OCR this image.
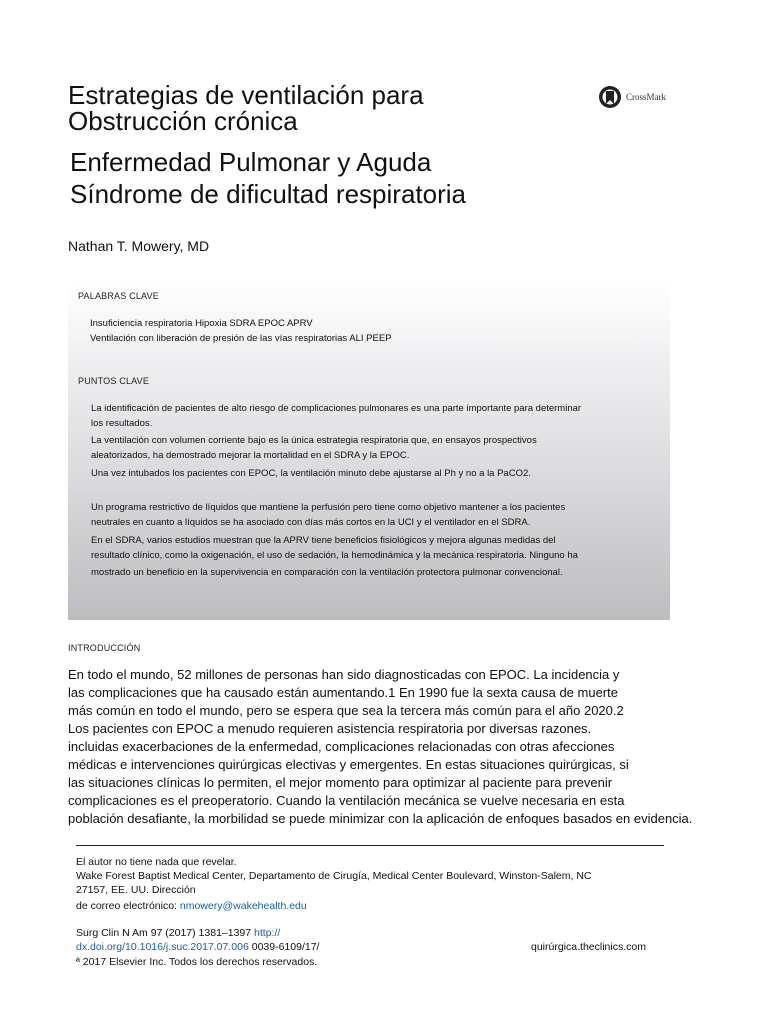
Estrategias de ventilación para
Obstrucción crónica
CrossMark
Enfermedad Pulmonar y Aguda
Síndrome de dificultad respiratoria
Nathan T. Mowery, MD
PALABRAS CLAVE
Insuficiencia respiratoria Hipoxia SDRA EPOC APRV
Ventilación con liberación de presión de las vías respiratorias ALI PEEP
PUNTOS CLAVE
La identificación de pacientes de alto riesgo de complicaciones pulmonares es una parte importante para determinar
los resultados.
La ventilación con volumen corriente bajo es la única estrategia respiratoria que, en ensayos prospectivos
aleatorizados, ha demostrado mejorar la mortalidad en el SDRA y la EPOC.
Una vez intubados los pacientes con EPOC, la ventilación minuto debe ajustarse al Ph y no a la PaCO2.
Un programa restrictivo de líquidos que mantiene la perfusión pero tiene como objetivo mantener a los pacientes
neutrales en cuanto a líquidos se ha asociado con días más cortos en la UCI y el ventilador en el SDRA.
En el SDRA, varios estudios muestran que la APRV tiene beneficios fisiológicos y mejora algunas medidas del
resultado clínico, como la oxigenación, el uso de sedación, la hemodinámica y la mecánica respiratoria. Ninguno ha
mostrado un beneficio en la supervivencia en comparación con la ventilación protectora pulmonar convencional.
INTRODUCCIÓN
En todo el mundo, 52 millones de personas han sido diagnosticadas con EPOC. La incidencia y
las complicaciones que ha causado están aumentando.1 En 1990 fue la sexta causa de muerte
más común en todo el mundo, pero se espera que sea la tercera más común para el año 2020.2
Los pacientes con EPOC a menudo requieren asistencia respiratoria por diversas razones.
incluidas exacerbaciones de la enfermedad, complicaciones relacionadas con otras afecciones
médicas e intervenciones quirúrgicas electivas y emergentes. En estas situaciones quirúrgicas, si
las situaciones clínicas lo permiten, el mejor momento para optimizar al paciente para prevenir
complicaciones es el preoperatorio. Cuando la ventilación mecánica se vuelve necesaria en esta
población desafiante, la morbilidad se puede minimizar con la aplicación de enfoques basados en evidencia.
El autor no tiene nada que revelar.
Wake Forest Baptist Medical Center, Departamento de Cirugía, Medical Center Boulevard, Winston-Salem, NC
27157, EE. UU. Dirección
de correo electrónico: nmowery@wakehealth.edu
Surg Clin N Am 97 (2017) 1381–1397 http://
dx.doi.org/10.1016/j.suc.2017.07.006 0039-6109/17/	quirúrgica.theclinics.com
ª 2017 Elsevier Inc. Todos los derechos reservados.
